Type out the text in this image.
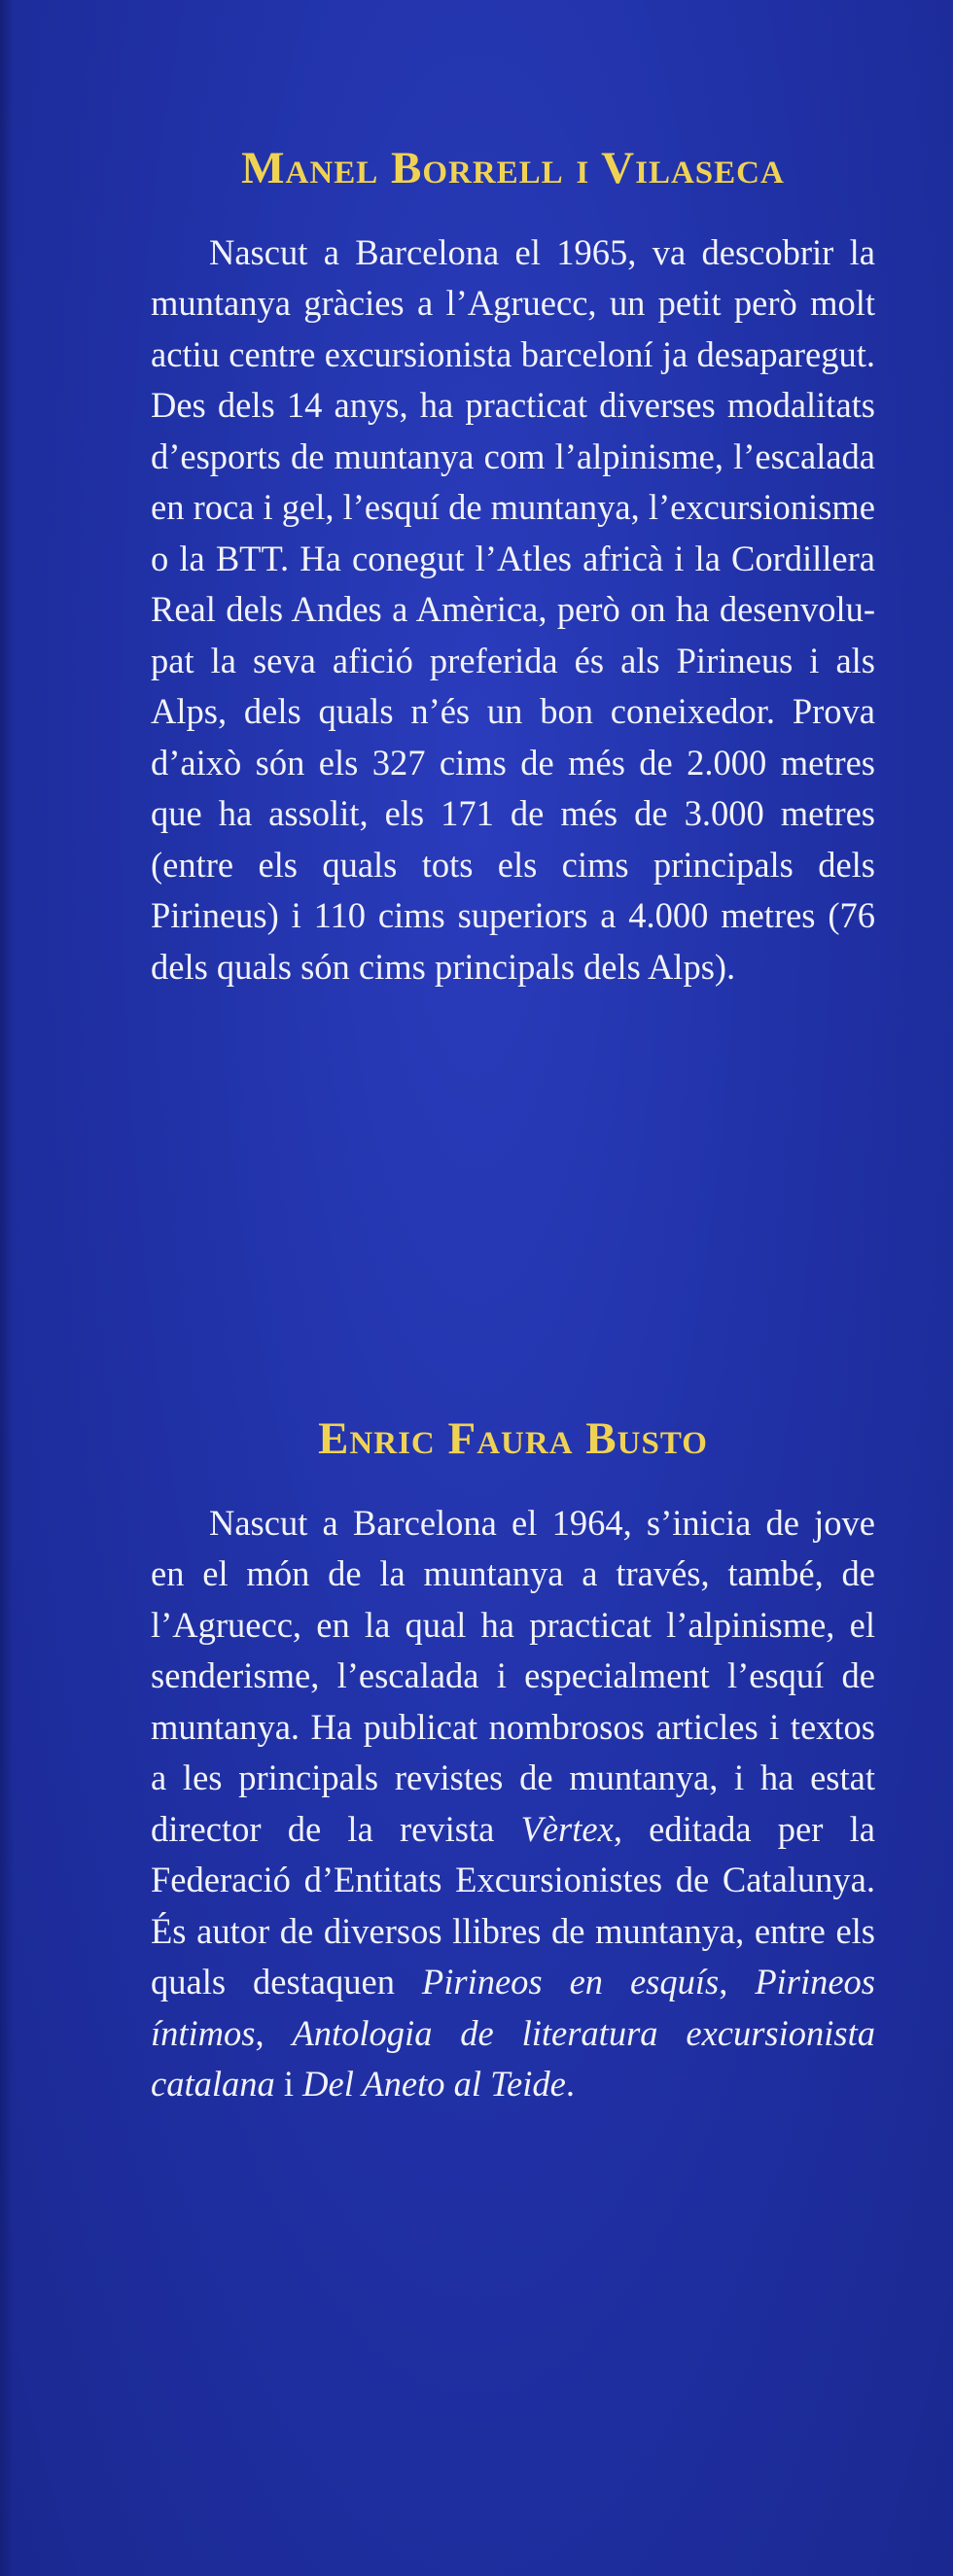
Manel Borrell i Vilaseca

Nascut a Barcelona el 1965, va descobrir la muntanya gràcies a l’Agruecc, un petit però molt actiu centre excursionista barceloní ja desaparegut. Des dels 14 anys, ha practicat diverses modalitats d’esports de muntanya com l’alpinisme, l’escalada en roca i gel, l’esquí de muntanya, l’excursionisme o la BTT. Ha conegut l’Atles africà i la Cordillera Real dels Andes a Amèrica, però on ha desenvolupat la seva afició preferida és als Pirineus i als Alps, dels quals n’és un bon coneixedor. Prova d’això són els 327 cims de més de 2.000 metres que ha assolit, els 171 de més de 3.000 metres (entre els quals tots els cims principals dels Pirineus) i 110 cims superiors a 4.000 metres (76 dels quals són cims principals dels Alps).

Enric Faura Busto

Nascut a Barcelona el 1964, s’inicia de jove en el món de la muntanya a través, també, de l’Agruecc, en la qual ha practicat l’alpinisme, el senderisme, l’escalada i especialment l’esquí de muntanya. Ha publicat nombrosos articles i textos a les principals revistes de muntanya, i ha estat director de la revista Vèrtex, editada per la Federació d’Entitats Excursionistes de Catalunya. És autor de diversos llibres de muntanya, entre els quals destaquen Pirineos en esquís, Pirineos íntimos, Antologia de literatura excursionista catalana i Del Aneto al Teide.
